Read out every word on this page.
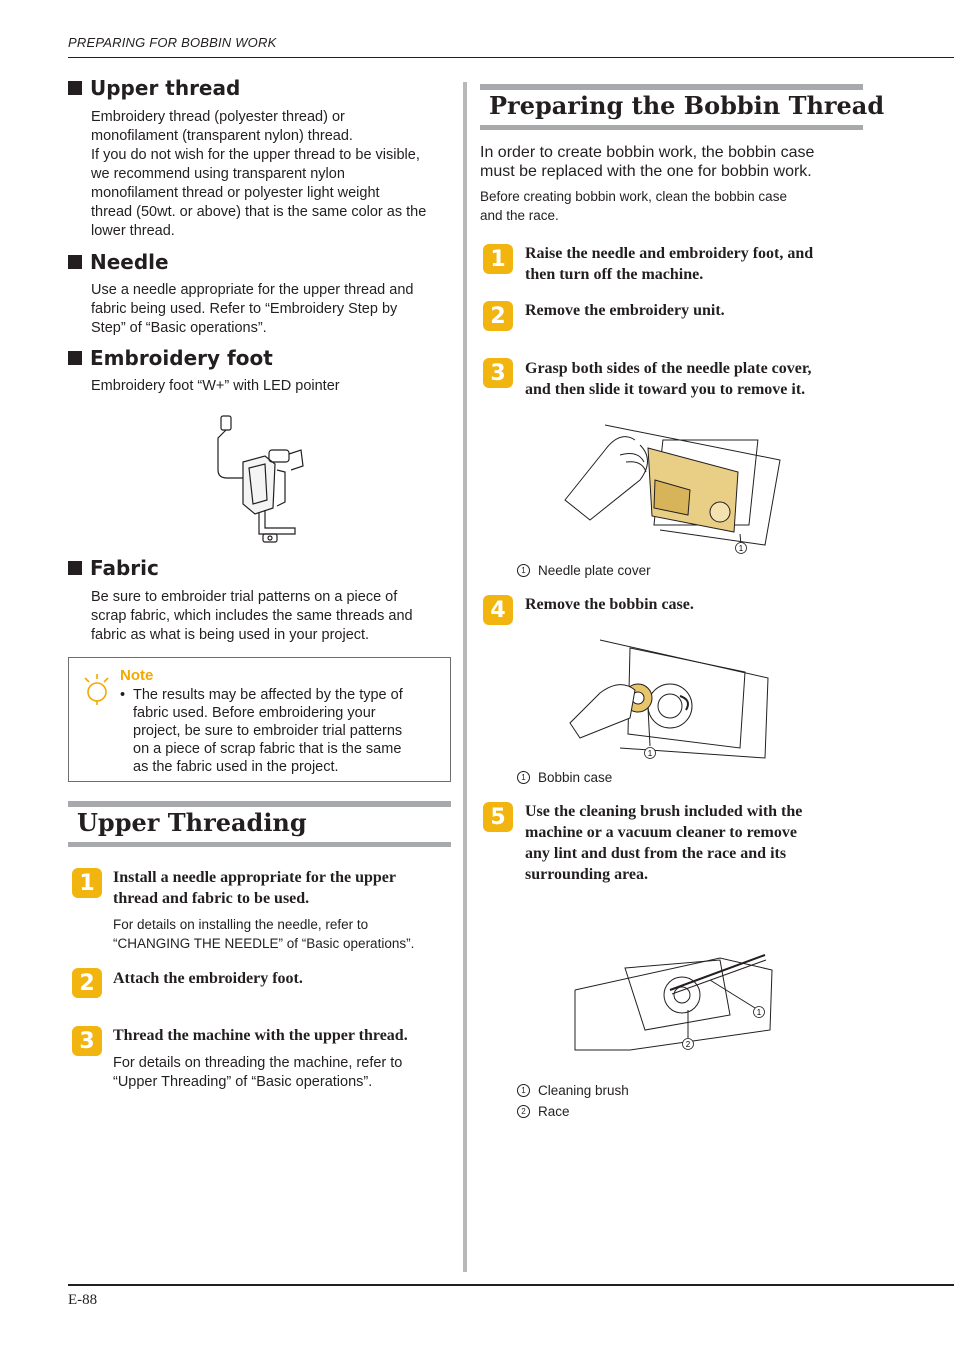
PREPARING FOR BOBBIN WORK
Upper thread
Embroidery thread (polyester thread) or
monofilament (transparent nylon) thread.
If you do not wish for the upper thread to be visible,
we recommend using transparent nylon
monofilament thread or polyester light weight
thread (50wt. or above) that is the same color as the
lower thread.
Needle
Use a needle appropriate for the upper thread and
fabric being used. Refer to “Embroidery Step by
Step” of “Basic operations”.
Embroidery foot
Embroidery foot “W+” with LED pointer
Fabric
Be sure to embroider trial patterns on a piece of
scrap fabric, which includes the same threads and
fabric as what is being used in your project.
Note
• The results may be affected by the type of
fabric used. Before embroidering your
project, be sure to embroider trial patterns
on a piece of scrap fabric that is the same
as the fabric used in the project.
Upper Threading
1	Install a needle appropriate for the upper
thread and fabric to be used.
For details on installing the needle, refer to
“CHANGING THE NEEDLE” of “Basic operations”.
2	Attach the embroidery foot.
3	Thread the machine with the upper thread.
For details on threading the machine, refer to
“Upper Threading” of “Basic operations”.
Preparing the Bobbin Thread
In order to create bobbin work, the bobbin case
must be replaced with the one for bobbin work.
Before creating bobbin work, clean the bobbin case
and the race.
1	Raise the needle and embroidery foot, and
then turn off the machine.
2	Remove the embroidery unit.
3	Grasp both sides of the needle plate cover,
and then slide it toward you to remove it.
1
1 Needle plate cover
4	Remove the bobbin case.
1
1 Bobbin case
5	Use the cleaning brush included with the
machine or a vacuum cleaner to remove
any lint and dust from the race and its
surrounding area.
1
2
1 Cleaning brush
2 Race
E-88
